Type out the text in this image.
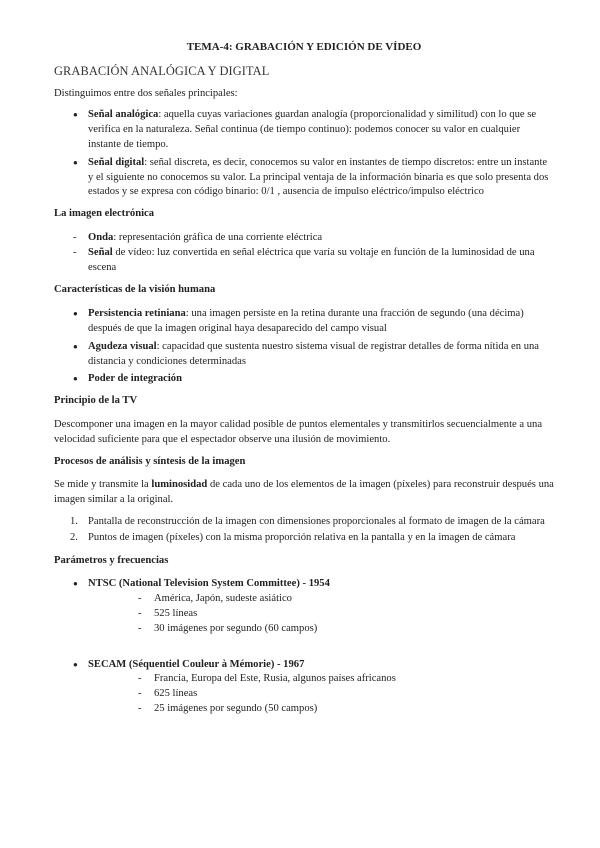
TEMA-4: GRABACIÓN Y EDICIÓN DE VÍDEO
GRABACIÓN ANALÓGICA Y DIGITAL
Distinguimos entre dos señales principales:
● Señal analógica: aquella cuyas variaciones guardan analogía (proporcionalidad y similitud) con lo que se verifica en la naturaleza. Señal continua (de tiempo continuo): podemos conocer su valor en cualquier instante de tiempo.
● Señal digital: señal discreta, es decir, conocemos su valor en instantes de tiempo discretos: entre un instante y el siguiente no conocemos su valor. La principal ventaja de la información binaria es que solo presenta dos estados y se expresa con código binario: 0/1 , ausencia de impulso eléctrico/impulso eléctrico
La imagen electrónica
- Onda: representación gráfica de una corriente eléctrica
- Señal de vídeo: luz convertida en señal eléctrica que varía su voltaje en función de la luminosidad de una escena
Características de la visión humana
● Persistencia retiniana: una imagen persiste en la retina durante una fracción de segundo (una décima) después de que la imagen original haya desaparecido del campo visual
● Agudeza visual: capacidad que sustenta nuestro sistema visual de registrar detalles de forma nítida en una distancia y condiciones determinadas
● Poder de integración
Principio de la TV
Descomponer una imagen en la mayor calidad posible de puntos elementales y transmitirlos secuencialmente a una velocidad suficiente para que el espectador observe una ilusión de movimiento.
Procesos de análisis y síntesis de la imagen
Se mide y transmite la luminosidad de cada uno de los elementos de la imagen (píxeles) para reconstruir después una imagen similar a la original.
1. Pantalla de reconstrucción de la imagen con dimensiones proporcionales al formato de imagen de la cámara
2. Puntos de imagen (píxeles) con la misma proporción relativa en la pantalla y en la imagen de cámara
Parámetros y frecuencias
● NTSC (National Television System Committee) - 1954
- América, Japón, sudeste asiático
- 525 líneas
- 30 imágenes por segundo (60 campos)
● SECAM (Séquentiel Couleur à Mémorie) - 1967
- Francia, Europa del Este, Rusia, algunos países africanos
- 625 líneas
- 25 imágenes por segundo (50 campos)
